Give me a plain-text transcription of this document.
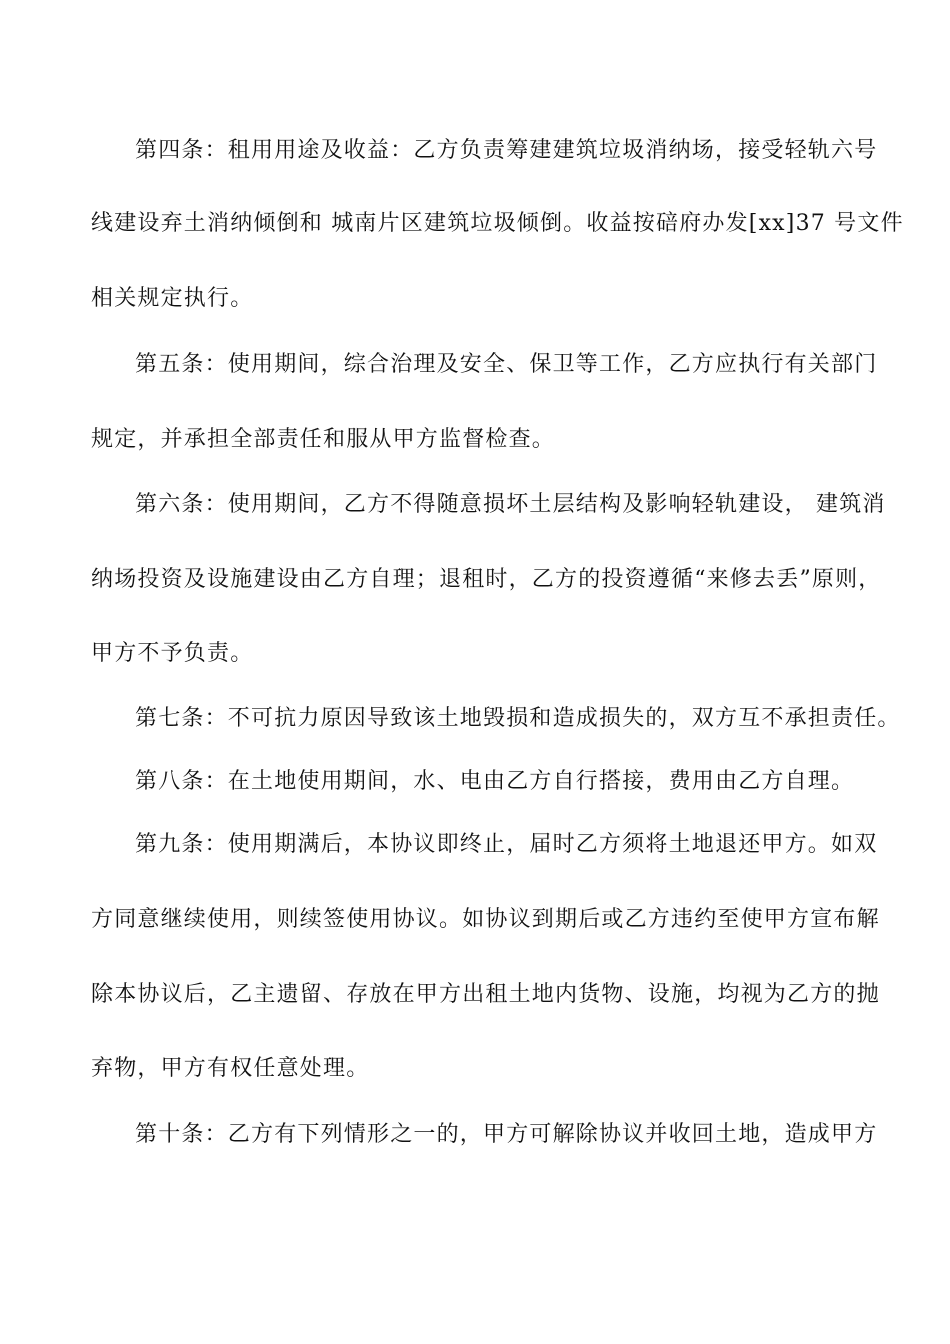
第四条：租用用途及收益：乙方负责筹建建筑垃圾消纳场，接受轻轨六号
线建设弃土消纳倾倒和 城南片区建筑垃圾倾倒。收益按碚府办发[xx]37 号文件
相关规定执行。
第五条：使用期间，综合治理及安全、保卫等工作，乙方应执行有关部门
规定，并承担全部责任和服从甲方监督检查。
第六条：使用期间，乙方不得随意损坏土层结构及影响轻轨建设， 建筑消
纳场投资及设施建设由乙方自理；退租时，乙方的投资遵循“来修去丢”原则，
甲方不予负责。
第七条：不可抗力原因导致该土地毁损和造成损失的，双方互不承担责任。
第八条：在土地使用期间，水、电由乙方自行搭接，费用由乙方自理。
第九条：使用期满后，本协议即终止，届时乙方须将土地退还甲方。如双
方同意继续使用，则续签使用协议。如协议到期后或乙方违约至使甲方宣布解
除本协议后，乙主遗留、存放在甲方出租土地内货物、设施，均视为乙方的抛
弃物，甲方有权任意处理。
第十条：乙方有下列情形之一的，甲方可解除协议并收回土地，造成甲方
